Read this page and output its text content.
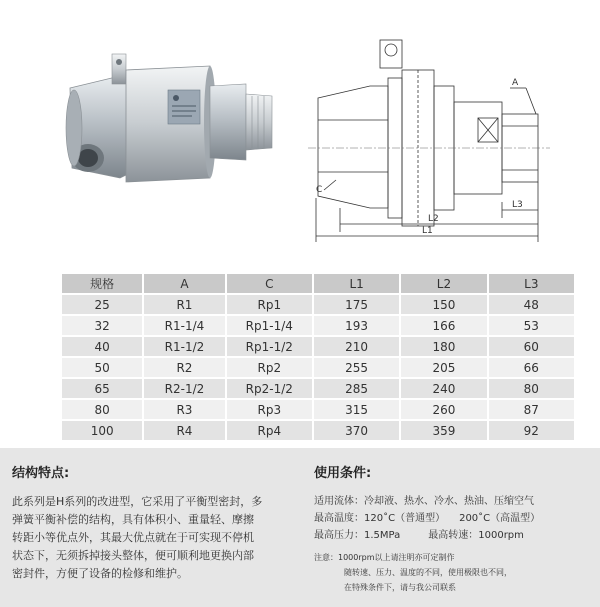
A
C
L3
L2
L1
规格	A	C	L1	L2	L3
25	R1	Rp1	175	150	48
32	R1-1/4	Rp1-1/4	193	166	53
40	R1-1/2	Rp1-1/2	210	180	60
50	R2	Rp2	255	205	66
65	R2-1/2	Rp2-1/2	285	240	80
80	R3	Rp3	315	260	87
100	R4	Rp4	370	359	92

结构特点:

此系列是H系列的改进型，它采用了平衡型密封，多

弹簧平衡补偿的结构，具有体积小、重量轻、摩擦

转距小等优点外，其最大优点就在于可实现不停机

状态下，无须拆掉接头整体，便可顺利地更换内部

密封件，方便了设备的检修和维护。

使用条件:

适用流体：冷却液、热水、冷水、热油、压缩空气

最高温度：120˚C（普通型） 200˚C（高温型）

最高压力：1.5MPa	最高转速：1000rpm

注意：1000rpm以上请注明亦可定制作
随转速、压力、温度的不同，使用极限也不同，
在特殊条件下，请与我公司联系
